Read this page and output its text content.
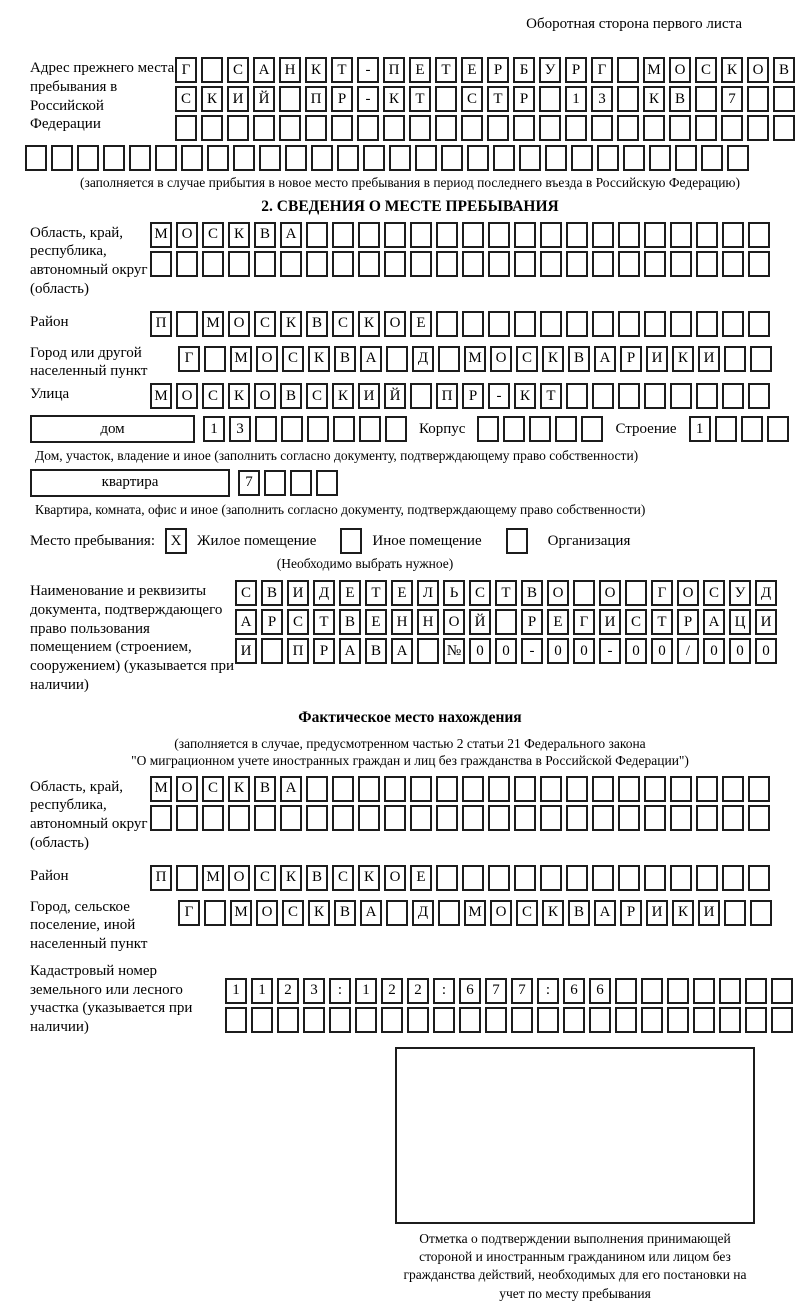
Оборотная сторона первого листа
Адрес прежнего места пребывания в Российской Федерации
Г	С	А	Н	К	Т	-	П	Е	Т	Е	Р	Б	У	Р	Г	М О	С	К	О	В
С	К	И	Й	П	Р	-	К	Т	С	Т	Р	1	3	К	В	7
(заполняется в случае прибытия в новое место пребывания в период последнего въезда в Российскую Федерацию)
2. СВЕДЕНИЯ О МЕСТЕ ПРЕБЫВАНИЯ
Область, край, республика, автономный округ (область)
М О	С	К	В	А
Район	П	М О	С	К	В	С	К	О	Е
Город или другой населенный пункт
Г	М О	С	К	В	А	Д	М О	С	К	В	А	Р	И	К	И
Улица	М О	С	К	О	В	С	К	И	Й	П	Р	-	К	Т
дом	1	3	Корпус	Строение	1
Дом, участок, владение и иное (заполнить согласно документу, подтверждающему право собственности)
квартира	7
Квартира, комната, офис и иное (заполнить согласно документу, подтверждающему право собственности)
Место пребывания:	Х	Жилое помещение	Иное помещение	Организация
(Необходимо выбрать нужное)
Наименование и реквизиты документа, подтверждающего право пользования помещением (строением, сооружением) (указывается при наличии)
С	В	И	Д	Е	Т	Е	Л	Ь	С	Т	В	О	О	Г	О	С	У	Д
А	Р	С	Т	В	Е	Н	Н	О	Й	Р	Е	Г	И	С	Т	Р	А	Ц	И
И	П	Р	А	В	А	№	0	0	-	0	0	-	0	0	/	0	0	0
Фактическое место нахождения
(заполняется в случае, предусмотренном частью 2 статьи 21 Федерального закона
"О миграционном учете иностранных граждан и лиц без гражданства в Российской Федерации")
Область, край, республика, автономный округ (область)
М О	С	К	В	А
Район	П	М О	С	К	В	С	К	О	Е
Город, сельское поселение, иной населенный пункт
Г	М О	С	К	В	А	Д	М О	С	К	В	А	Р	И	К	И
Кадастровый номер земельного или лесного участка (указывается при наличии)
1	1	2	3	:	1	2	2	:	6	7	7	:	6	6
Отметка о подтверждении выполнения принимающей стороной и иностранным гражданином или лицом без гражданства действий, необходимых для его постановки на учет по месту пребывания
